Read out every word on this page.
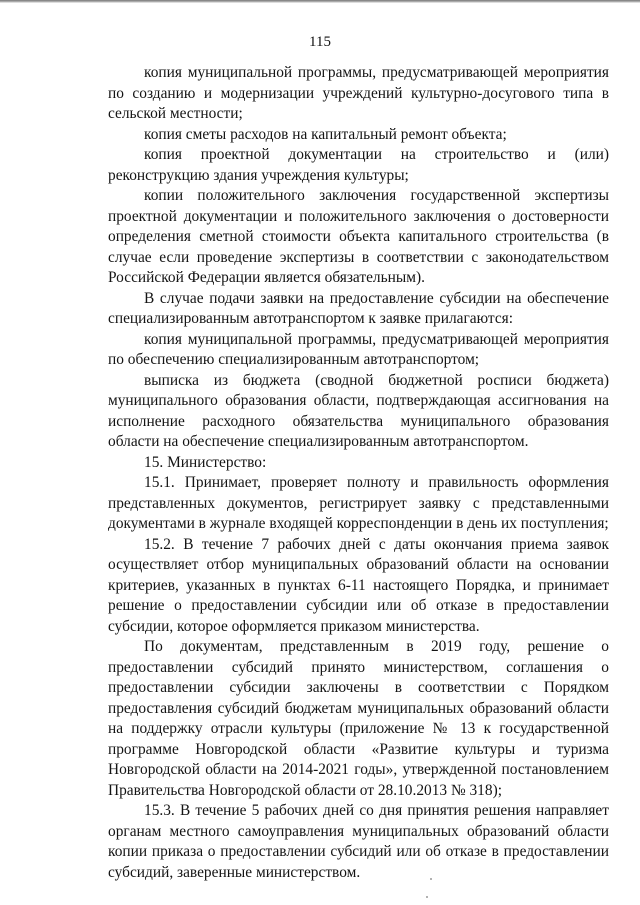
115

копия муниципальной программы, предусматривающей мероприятия по созданию и модернизации учреждений культурно-досугового типа в сельской местности;

копия сметы расходов на капитальный ремонт объекта;

копия проектной документации на строительство и (или) реконструкцию здания учреждения культуры;

копии положительного заключения государственной экспертизы проектной документации и положительного заключения о достоверности определения сметной стоимости объекта капитального строительства (в случае если проведение экспертизы в соответствии с законодательством Российской Федерации является обязательным).

В случае подачи заявки на предоставление субсидии на обеспечение специализированным автотранспортом к заявке прилагаются:

копия муниципальной программы, предусматривающей мероприятия по обеспечению специализированным автотранспортом;

выписка из бюджета (сводной бюджетной росписи бюджета) муниципального образования области, подтверждающая ассигнования на исполнение расходного обязательства муниципального образования области на обеспечение специализированным автотранспортом.

15. Министерство:

15.1. Принимает, проверяет полноту и правильность оформления представленных документов, регистрирует заявку с представленными документами в журнале входящей корреспонденции в день их поступления;

15.2. В течение 7 рабочих дней с даты окончания приема заявок осуществляет отбор муниципальных образований области на основании критериев, указанных в пунктах 6-11 настоящего Порядка, и принимает решение о предоставлении субсидии или об отказе в предоставлении субсидии, которое оформляется приказом министерства.

По документам, представленным в 2019 году, решение о предоставлении субсидий принято министерством, соглашения о предоставлении субсидии заключены в соответствии с Порядком предоставления субсидий бюджетам муниципальных образований области на поддержку отрасли культуры (приложение № 13 к государственной программе Новгородской области «Развитие культуры и туризма Новгородской области на 2014-2021 годы», утвержденной постановлением Правительства Новгородской области от 28.10.2013 № 318);

15.3. В течение 5 рабочих дней со дня принятия решения направляет органам местного самоуправления муниципальных образований области копии приказа о предоставлении субсидий или об отказе в предоставлении субсидий, заверенные министерством.
